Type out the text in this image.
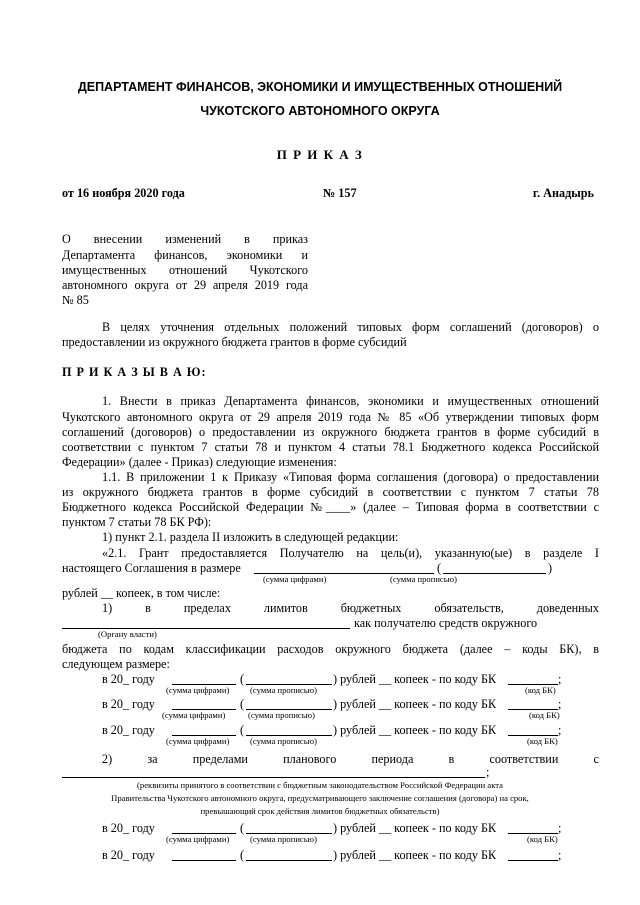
ДЕПАРТАМЕНТ ФИНАНСОВ, ЭКОНОМИКИ И ИМУЩЕСТВЕННЫХ ОТНОШЕНИЙ
ЧУКОТСКОГО АВТОНОМНОГО ОКРУГА
П Р И К А З
от 16 ноября 2020 года	№ 157	г. Анадырь
О внесении изменений в приказ
Департамента финансов, экономики и
имущественных отношений Чукотского
автономного округа от 29 апреля 2019 года
№ 85
В целях уточнения отдельных положений типовых форм соглашений (договоров) о
предоставлении из окружного бюджета грантов в форме субсидий
П Р И К А З Ы В А Ю:
1. Внести в приказ Департамента финансов, экономики и имущественных отношений
Чукотского автономного округа от 29 апреля 2019 года № 85 «Об утверждении типовых форм
соглашений (договоров) о предоставлении из окружного бюджета грантов в форме субсидий в
соответствии с пунктом 7 статьи 78 и пунктом 4 статьи 78.1 Бюджетного кодекса Российской
Федерации» (далее - Приказ) следующие изменения:
1.1. В приложении 1 к Приказу «Типовая форма соглашения (договора) о предоставлении
из окружного бюджета грантов в форме субсидий в соответствии с пунктом 7 статьи 78
Бюджетного кодекса Российской Федерации №____» (далее – Типовая форма в соответствии с
пунктом 7 статьи 78 БК РФ):
1) пункт 2.1. раздела II изложить в следующей редакции:
«2.1. Грант предоставляется Получателю на цель(и), указанную(ые) в разделе I
настоящего Соглашения в размере	(	)
(сумма цифрами)	(сумма прописью)
рублей __ копеек, в том числе:
1)	в	пределах	лимитов	бюджетных	обязательств,	доведенных
как получателю средств окружного
(Органу власти)
бюджета по кодам классификации расходов окружного бюджета (далее – коды БК), в
следующем размере:
в 20_ году	(	) рублей __ копеек - по коду БК	;
(сумма цифрами) (сумма прописью)	(код БК)
в 20_ году	(	) рублей __ копеек - по коду БК	;
(сумма цифрами)	(сумма прописью)	(код БК)
в 20_ году	(	) рублей __ копеек - по коду БК	;
(сумма цифрами) (сумма прописью)	(код БК)
2)	за	пределами	планового	периода	в	соответствии	с
;
(реквизиты принятого в соответствии с бюджетным законодательством Российской Федерации акта
Правительства Чукотского автономного округа, предусматривающего заключение соглашения (договора) на срок,
превышающий срок действия лимитов бюджетных обязательств)
в 20_ году	(	) рублей __ копеек - по коду БК	;
(сумма цифрами) (сумма прописью)	(код БК)
в 20_ году	(	) рублей __ копеек - по коду БК	;
